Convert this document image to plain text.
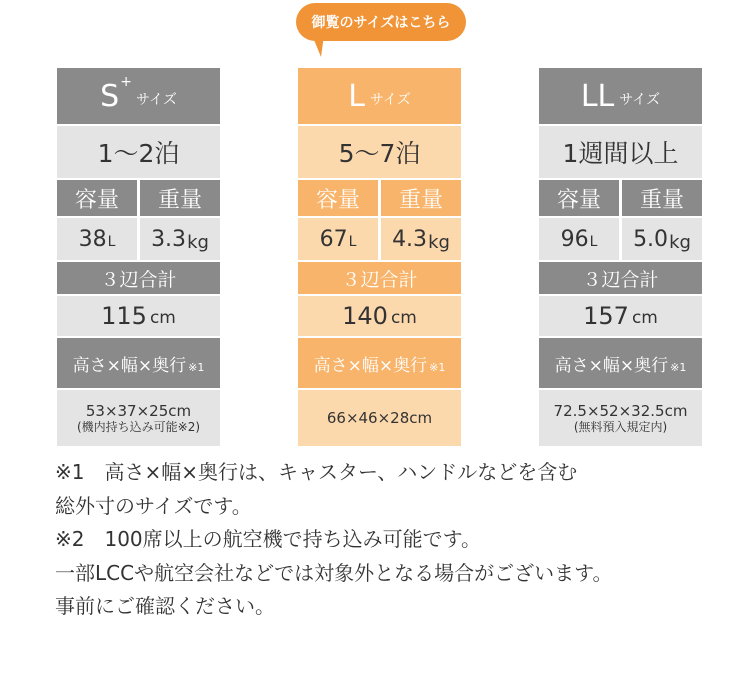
御覧のサイズはこちら
S+
サイズ
1〜2泊
容量	重量
38 L 3.3 kg
３辺合計
115 cm
高さ×幅×奥行 ※1
53×37×25cm
(機内持ち込み可能※2)
L サイズ
5〜7泊
容量	重量
67 L 4.3 kg
３辺合計
140 cm
高さ×幅×奥行 ※1
66×46×28cm
LL サイズ
1週間以上
容量	重量
96 L 5.0 kg
３辺合計
157 cm
高さ×幅×奥行 ※1
72.5×52×32.5cm
(無料預入規定内)

※1　高さ×幅×奥行は、キャスター、ハンドルなどを含む

総外寸のサイズです。

※2　100席以上の航空機で持ち込み可能です。

一部LCCや航空会社などでは対象外となる場合がございます。

事前にご確認ください。
